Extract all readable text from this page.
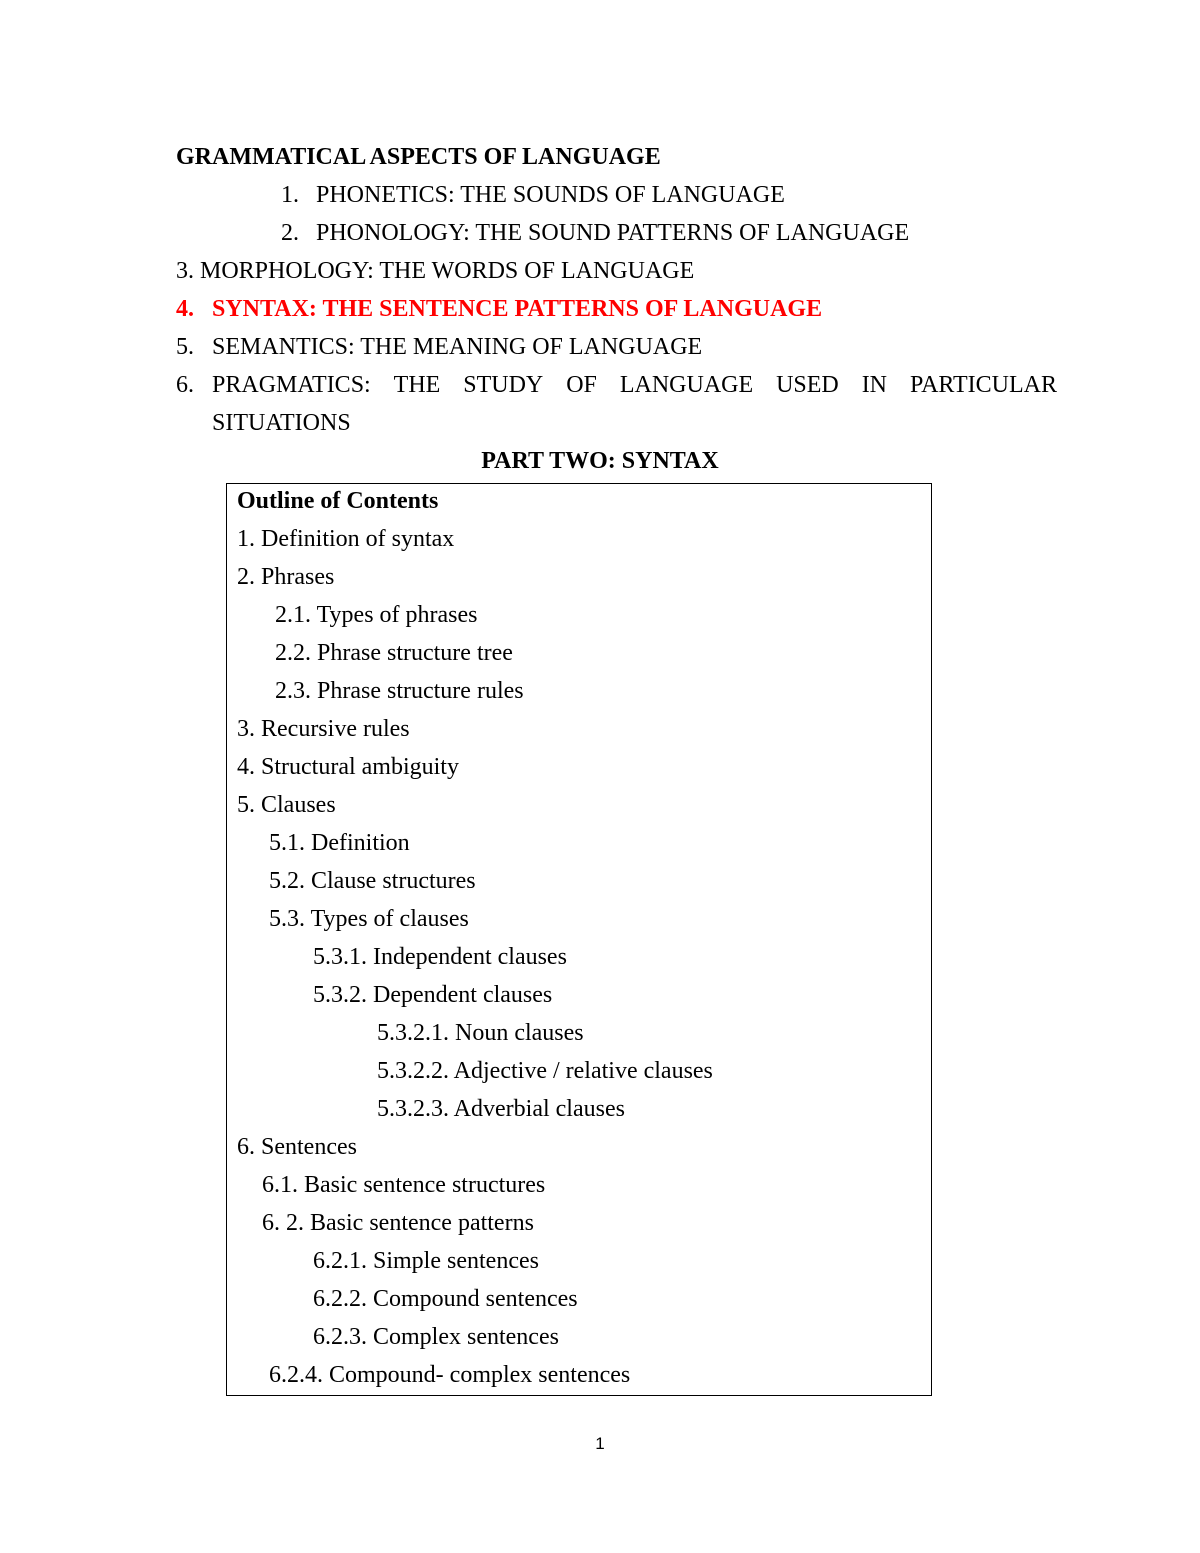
GRAMMATICAL ASPECTS OF LANGUAGE
1. PHONETICS: THE SOUNDS OF LANGUAGE
2. PHONOLOGY: THE SOUND PATTERNS OF LANGUAGE
3. MORPHOLOGY: THE WORDS OF LANGUAGE
4. SYNTAX: THE SENTENCE PATTERNS OF LANGUAGE
5. SEMANTICS: THE MEANING OF LANGUAGE
6. PRAGMATICS: THE STUDY OF LANGUAGE USED IN PARTICULAR
SITUATIONS
PART TWO: SYNTAX
Outline of Contents
1. Definition of syntax
2. Phrases
2.1. Types of phrases
2.2. Phrase structure tree
2.3. Phrase structure rules
3. Recursive rules
4. Structural ambiguity
5. Clauses
5.1. Definition
5.2. Clause structures
5.3. Types of clauses
5.3.1. Independent clauses
5.3.2. Dependent clauses
5.3.2.1. Noun clauses
5.3.2.2. Adjective / relative clauses
5.3.2.3. Adverbial clauses
6. Sentences
6.1. Basic sentence structures
6. 2. Basic sentence patterns
6.2.1. Simple sentences
6.2.2. Compound sentences
6.2.3. Complex sentences
6.2.4. Compound- complex sentences
1
